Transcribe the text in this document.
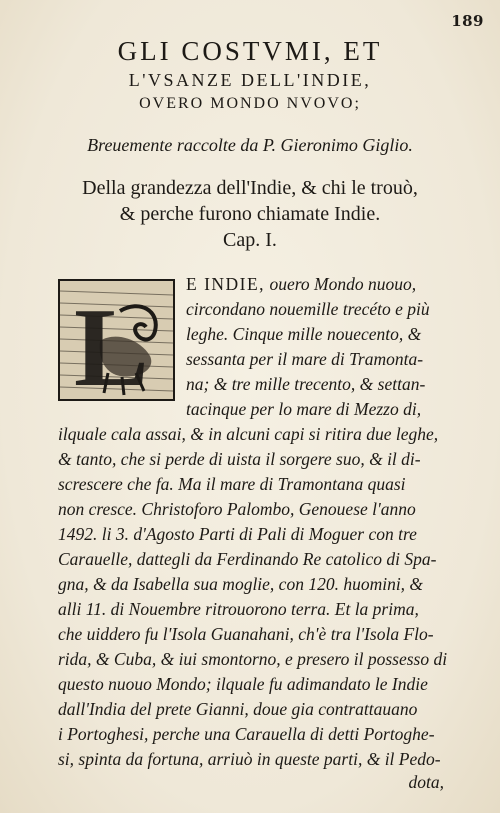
189
GLI COSTVMI, ET
L'VSANZE DELL'INDIE,
OVERO MONDO NVOVO;
Breuemente raccolte da P. Gieronimo Giglio.
Della grandezza dell'Indie, & chi le trouò,
& perche furono chiamate Indie.
Cap. I.
L
E INDIE, ouero Mondo nuouo,
circondano nouemille trecéto e più
leghe. Cinque mille nouecento, &
sessanta per il mare di Tramonta-
na; & tre mille trecento, & settan-
tacinque per lo mare di Mezzo di,
ilquale cala assai, & in alcuni capi si ritira due leghe,
& tanto, che si perde di uista il sorgere suo, & il di-
screscere che fa. Ma il mare di Tramontana quasi
non cresce. Christoforo Palombo, Genouese l'anno
1492. li 3. d'Agosto Parti di Pali di Moguer con tre
Carauelle, dattegli da Ferdinando Re catolico di Spa-
gna, & da Isabella sua moglie, con 120. huomini, &
alli 11. di Nouembre ritrouorono terra. Et la prima,
che uiddero fu l'Isola Guanahani, ch'è tra l'Isola Flo-
rida, & Cuba, & iui smontorno, e presero il possesso di
questo nuouo Mondo; ilquale fu adimandato le Indie
dall'India del prete Gianni, doue gia contrattauano
i Portoghesi, perche una Carauella di detti Portoghe-
si, spinta da fortuna, arriuò in queste parti, & il Pedo-
dota,
